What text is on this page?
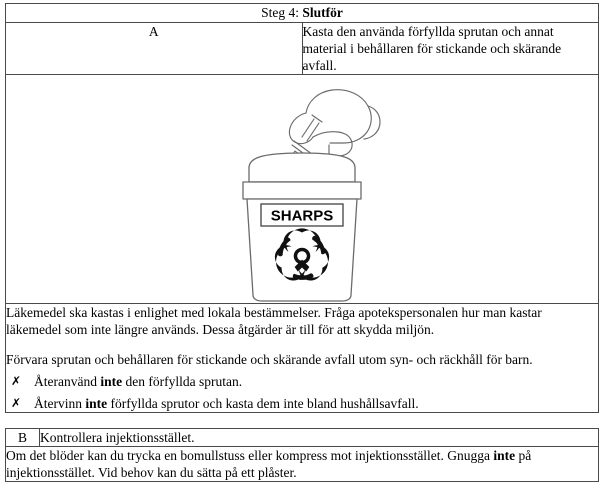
Steg 4: Slutför
A	Kasta den använda förfyllda sprutan och annat material i behållaren för stickande och skärande avfall.

SHARPS

Läkemedel ska kastas i enlighet med lokala bestämmelser. Fråga apotekspersonalen hur man kastar läkemedel som inte längre används. Dessa åtgärder är till för att skydda miljön.

Förvara sprutan och behållaren för stickande och skärande avfall utom syn- och räckhåll för barn.

✗ Återanvänd inte den förfyllda sprutan.
✗ Återvinn inte förfyllda sprutor och kasta dem inte bland hushållsavfall.
B	Kontrollera injektionsstället.

Om det blöder kan du trycka en bomullstuss eller kompress mot injektionsstället. Gnugga inte på injektionsstället. Vid behov kan du sätta på ett plåster.
